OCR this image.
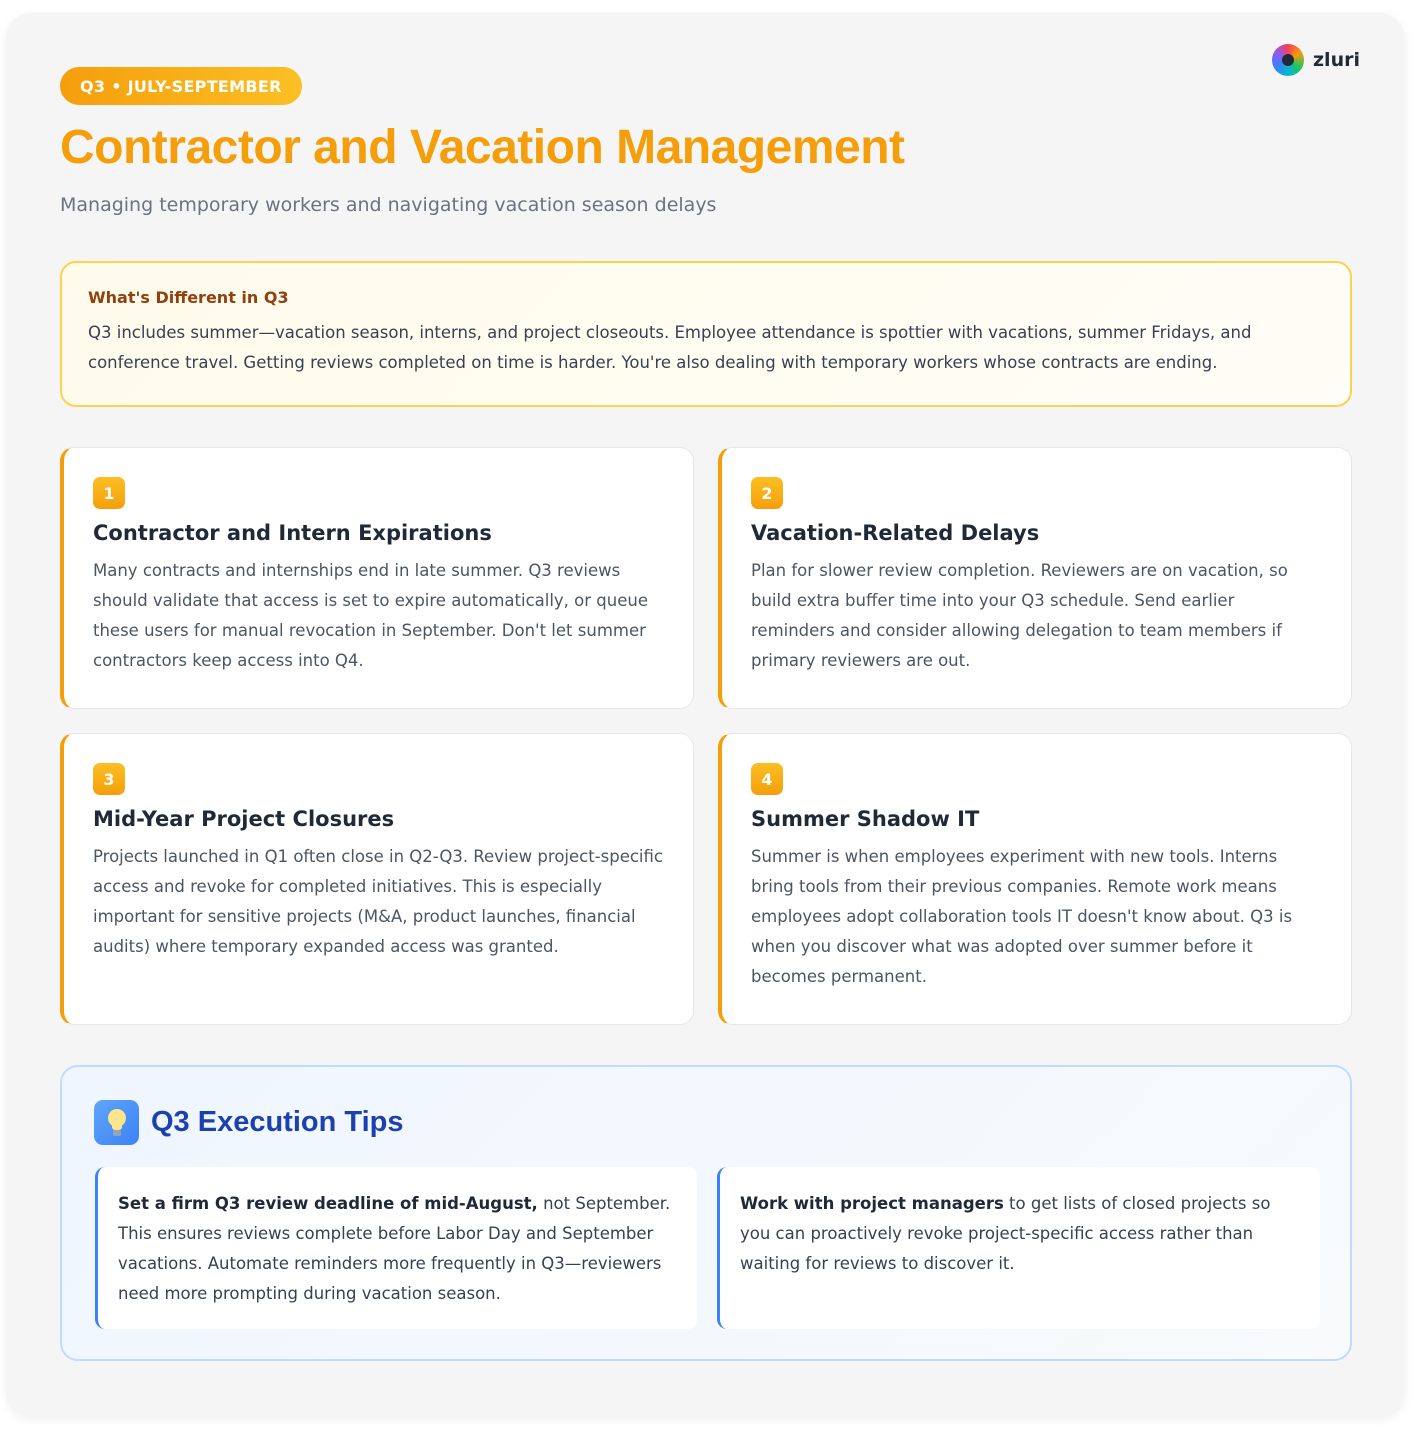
zluri
Q3 • JULY-SEPTEMBER
Contractor and Vacation Management

Managing temporary workers and navigating vacation season delays

What's Different in Q3
Q3 includes summer—vacation season, interns, and project closeouts. Employee attendance is spottier with vacations, summer Fridays, and conference travel. Getting reviews completed on time is harder. You're also dealing with temporary workers whose contracts are ending.
1
Contractor and Intern Expirations
Many contracts and internships end in late summer. Q3 reviews should validate that access is set to expire automatically, or queue these users for manual revocation in September. Don't let summer contractors keep access into Q4.
2
Vacation-Related Delays
Plan for slower review completion. Reviewers are on vacation, so build extra buffer time into your Q3 schedule. Send earlier reminders and consider allowing delegation to team members if primary reviewers are out.
3
Mid-Year Project Closures
Projects launched in Q1 often close in Q2-Q3. Review project-specific access and revoke for completed initiatives. This is especially important for sensitive projects (M&A, product launches, financial audits) where temporary expanded access was granted.
4
Summer Shadow IT
Summer is when employees experiment with new tools. Interns bring tools from their previous companies. Remote work means employees adopt collaboration tools IT doesn't know about. Q3 is when you discover what was adopted over summer before it becomes permanent.
Q3 Execution Tips
Set a firm Q3 review deadline of mid-August, not September. This ensures reviews complete before Labor Day and September vacations. Automate reminders more frequently in Q3—reviewers need more prompting during vacation season.
Work with project managers to get lists of closed projects so you can proactively revoke project-specific access rather than waiting for reviews to discover it.
